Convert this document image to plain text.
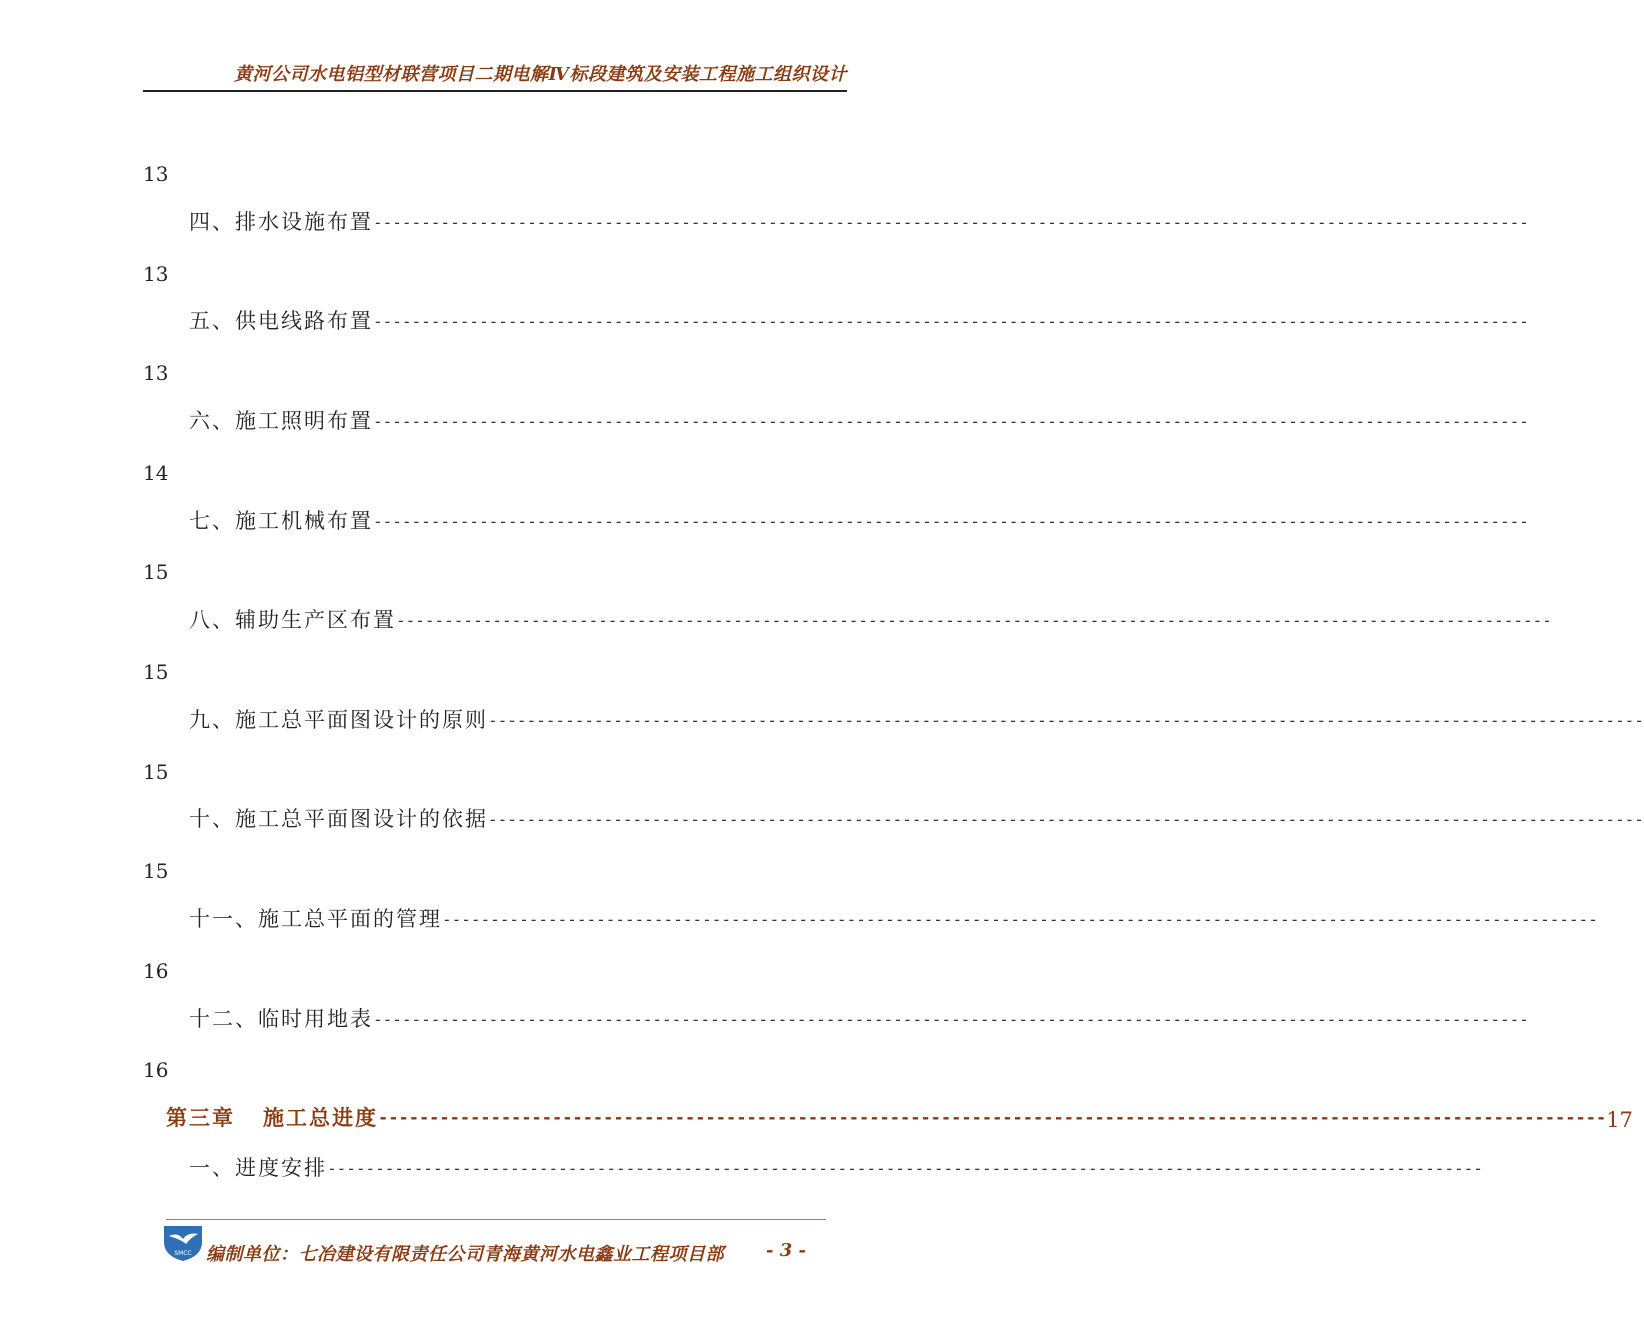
黄河公司水电铝型材联营项目二期电解Ⅳ标段建筑及安装工程施工组织设计
13
四、排水设施布置 ------------------------------------------------------------------------------------------------------------------------
13
五、供电线路布置 ------------------------------------------------------------------------------------------------------------------------
13
六、施工照明布置 ------------------------------------------------------------------------------------------------------------------------
14
七、施工机械布置 ------------------------------------------------------------------------------------------------------------------------
15
八、辅助生产区布置 ------------------------------------------------------------------------------------------------------------------------
15
九、施工总平面图设计的原则 ------------------------------------------------------------------------------------------------------------------------
15
十、施工总平面图设计的依据 ------------------------------------------------------------------------------------------------------------------------
15
十一、施工总平面的管理 ------------------------------------------------------------------------------------------------------------------------
16
十二、临时用地表 ------------------------------------------------------------------------------------------------------------------------
16
第三章 施工总进度 ------------------------------------------------------------------------------------------------------------------------ 17
一、进度安排 ------------------------------------------------------------------------------------------------------------------------
SMCC 编制单位：七冶建设有限责任公司青海黄河水电鑫业工程项目部 - 3 -
